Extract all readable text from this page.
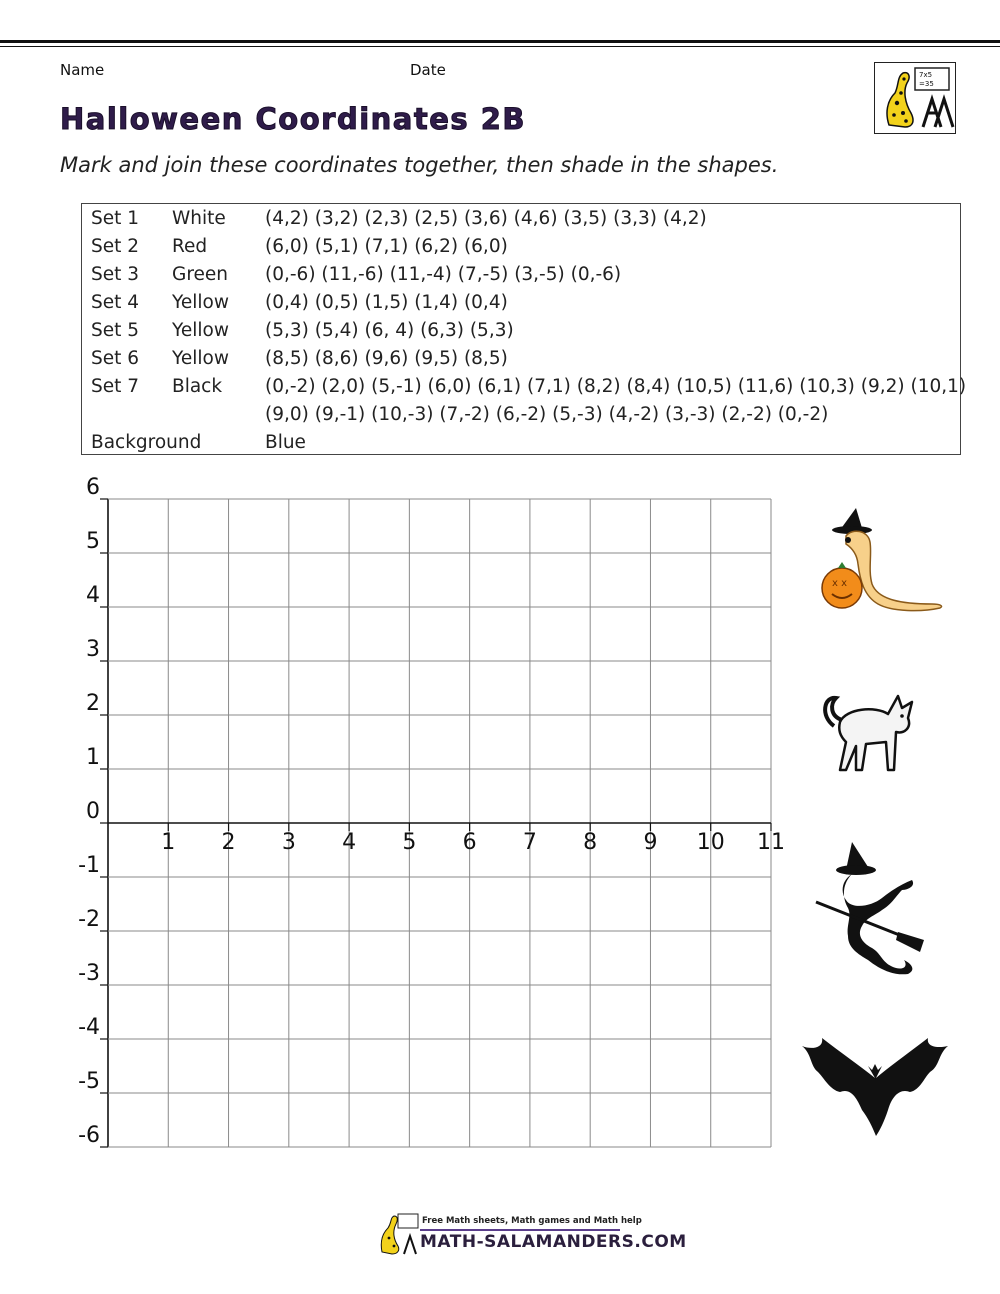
Name	Date	7x5
=35
Halloween Coordinates 2B

Mark and join these coordinates together, then shade in the shapes.

Set 1 White (4,2) (3,2) (2,3) (2,5) (3,6) (4,6) (3,5) (3,3) (4,2)
Set 2 Red	(6,0) (5,1) (7,1) (6,2) (6,0)
Set 3 Green (0,-6) (11,-6) (11,-4) (7,-5) (3,-5) (0,-6)
Set 4 Yellow (0,4) (0,5) (1,5) (1,4) (0,4)
Set 5 Yellow (5,3) (5,4) (6, 4) (6,3) (5,3)
Set 6 Yellow (8,5) (8,6) (9,6) (9,5) (8,5)
Set 7 Black (0,-2) (2,0) (5,-1) (6,0) (6,1) (7,1) (8,2) (8,4) (10,5) (11,6) (10,3) (9,2) (10,1)
(9,0) (9,-1) (10,-3) (7,-2) (6,-2) (5,-3) (4,-2) (3,-3) (2,-2) (0,-2)
Background	Blue
6
5
4
3
2
1
0
-1
-2
-3
-4
-5
-6
1	2	3	4	5	6	7	8	9	10 11
x x
Free Math sheets, Math games and Math help
MATH-SALAMANDERS.COM
